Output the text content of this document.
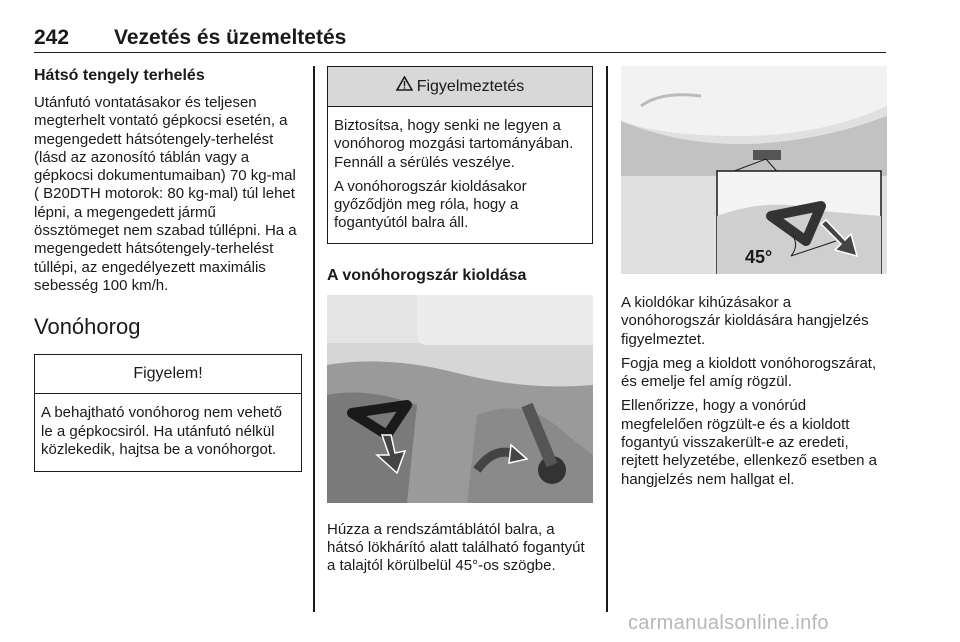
242 Vezetés és üzemeltetés
Hátsó tengely terhelés

Utánfutó vontatásakor és teljesen megterhelt vontató gépkocsi esetén, a megengedett hátsótengely-terhelést (lásd az azonosító táblán vagy a gépkocsi dokumentumaiban) 70 kg-mal ( B20DTH motorok: 80 kg-mal) túl lehet lépni, a megengedett jármű össztömeget nem szabad túllépni. Ha a megengedett hátsótengely-terhelést túllépi, az engedélyezett maximális sebesség 100 km/h.

Vonóhorog
Figyelem!

A behajtható vonóhorog nem vehető le a gépkocsiról. Ha utánfutó nélkül közlekedik, hajtsa be a vonóhorgot.

Figyelmeztetés

Biztosítsa, hogy senki ne legyen a vonóhorog mozgási tartományában. Fennáll a sérülés veszélye.

A vonóhorogszár kioldásakor győződjön meg róla, hogy a fogantyútól balra áll.

A vonóhorogszár kioldása

Húzza a rendszámtáblától balra, a hátsó lökhárító alatt található fogantyút a talajtól körülbelül 45°-os szögbe.

45°

A kioldókar kihúzásakor a vonóhorogszár kioldására hangjelzés figyelmeztet.

Fogja meg a kioldott vonóhorogszárat, és emelje fel amíg rögzül.

Ellenőrizze, hogy a vonórúd megfelelően rögzült-e és a kioldott fogantyú visszakerült-e az eredeti, rejtett helyzetébe, ellenkező esetben a hangjelzés nem hallgat el.

carmanualsonline.info
